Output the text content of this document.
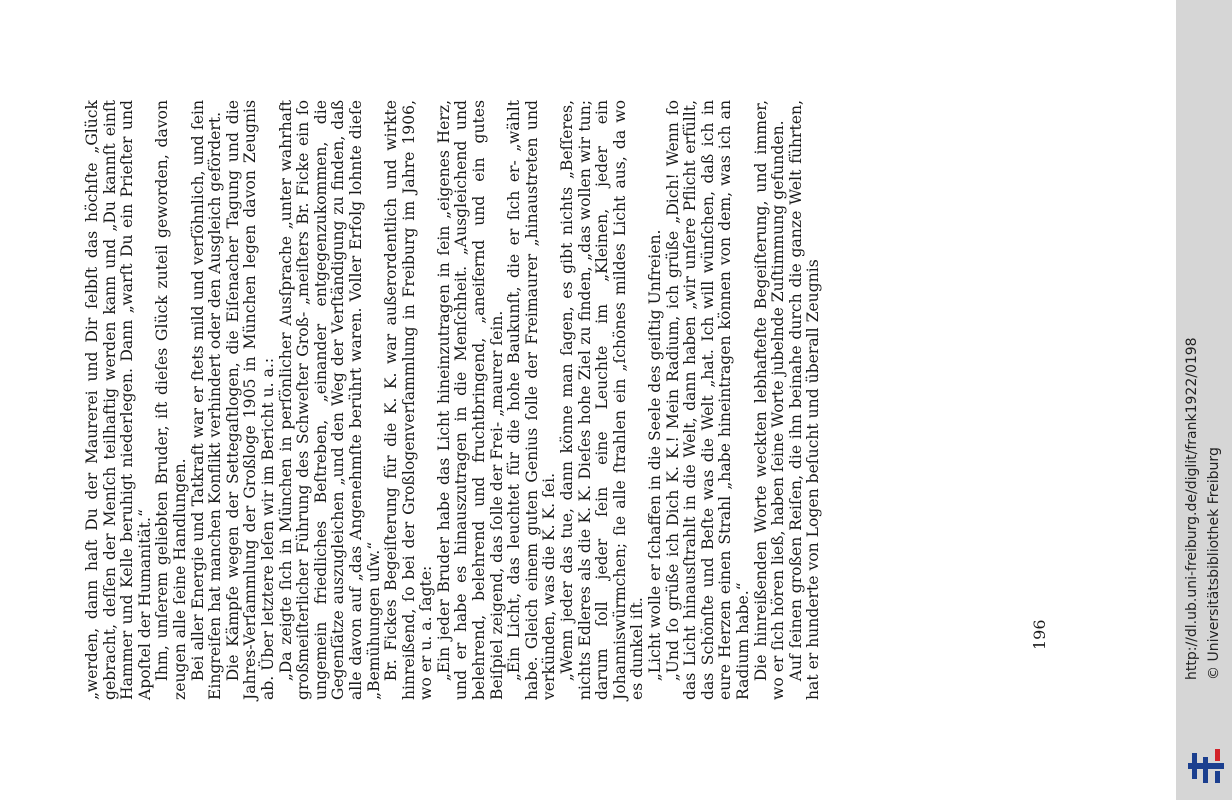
„werden, dann haſt Du der Maurerei und Dir ſelbſt das höchſte „Glück gebracht, deſſen der Menſch teilhaftig werden kann und „Du kannſt einſt Hammer und Kelle beruhigt niederlegen. Dann „warſt Du ein Prieſter und Apoſtel der Humanität.“ Ihm, unſerem geliebten Bruder, iſt dieſes Glück zuteil geworden, davon zeugen alle ſeine Handlungen. Bei aller Energie und Tatkraft war er ſtets mild und verſöhnlich, und ſein Eingreifen hat manchen Konflikt verhindert oder den Ausgleich gefördert. Die Kämpfe wegen der Settegaſtlogen, die Eiſenacher Tagung und die Jahres-Verſammlung der Großloge 1905 in München legen davon Zeugnis ab. Über letztere leſen wir im Bericht u. a.: „Da zeigte ſich in München in perſönlicher Ausſprache „unter wahrhaft großmeiſterlicher Führung des Schweſter Groß- „meiſters Br. Ficke ein ſo ungemein friedliches Beſtreben, „einander entgegenzukommen, die Gegenſätze auszugleichen „und den Weg der Verſtändigung zu finden, daß alle davon auf „das Angenehmſte berührt waren. Voller Erfolg lohnte dieſe „Bemühungen uſw.“ Br. Fickes Begeiſterung für die K. K. war außerordentlich und wirkte hinreißend, ſo bei der Großlogenverſammlung in Freiburg im Jahre 1906, wo er u. a. ſagte: „Ein jeder Bruder habe das Licht hineinzutragen in ſein „eigenes Herz, und er habe es hinauszutragen in die Menſchheit. „Ausgleichend und belehrend, belehrend und fruchtbringend, „aneifernd und ein gutes Beiſpiel zeigend, das ſolle der Frei- „maurer ſein. „Ein Licht, das leuchtet für die hohe Baukunſt, die er ſich er- „wählt habe. Gleich einem guten Genius ſolle der Freimaurer „hinaustreten und verkünden, was die K. K. ſei. „Wenn jeder das tue, dann könne man ſagen, es gibt nichts „Beſſeres, nichts Edleres als die K. K. Dieſes hohe Ziel zu finden, „das wollen wir tun; darum ſoll jeder ſein eine Leuchte im „Kleinen, jeder ein Johanniswürmchen; ſie alle ſtrahlen ein „ſchönes mildes Licht aus, da wo es dunkel iſt. „Licht wolle er ſchaffen in die Seele des geiſtig Unfreien. „Und ſo grüße ich Dich K. K.! Mein Radium, ich grüße „Dich! Wenn ſo das Licht hinausſtrahlt in die Welt, dann haben „wir unſere Pflicht erfüllt, das Schönſte und Beſte was die Welt „hat. Ich will wünſchen, daß ich in eure Herzen einen Strahl „habe hineintragen können von dem, was ich an Radium habe.“ Die hinreißenden Worte weckten lebhafteſte Begeiſterung, und immer, wo er ſich hören ließ, haben ſeine Worte jubelnde Zuſtimmung gefunden. Auf ſeinen großen Reiſen, die ihn beinahe durch die ganze Welt führten, hat er hunderte von Logen beſucht und überall Zeugnis	196	http://dl.ub.uni-freiburg.de/diglit/frank1922/0198 © Universitätsbibliothek Freiburg
